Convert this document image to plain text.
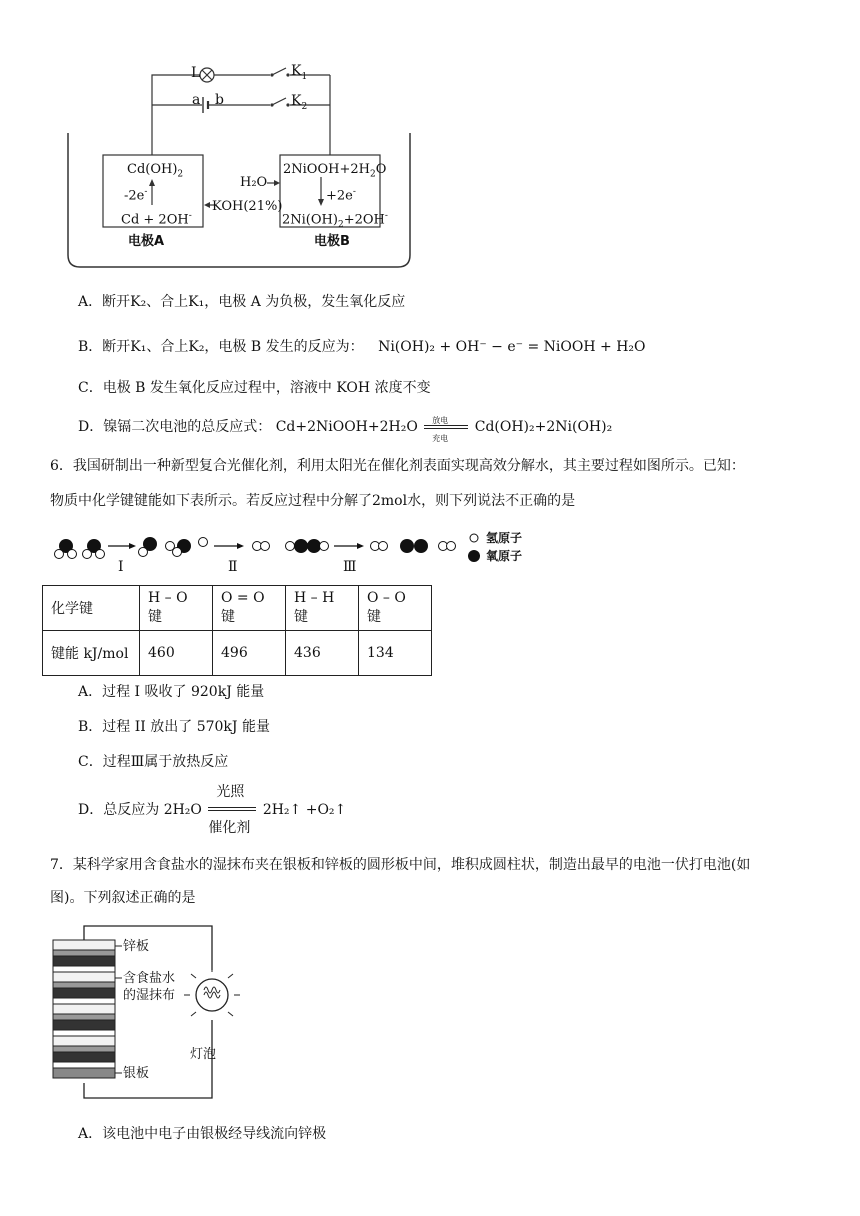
L	$K_1$
a b	$K_2$
$Cd(OH)_2$
-2e-
Cd + 2OH-
H₂O
KOH(21%)
$2NiOOH+2H_2O$
+2e-
$2Ni(OH)_2+2OH^-$
电极A	电极B
A．断开K₂、合上K₁，电极 A 为负极，发生氧化反应
B．断开K₁、合上K₂，电极 B 发生的反应为： Ni(OH)₂ + OH⁻ − e⁻ = NiOOH + H₂O
C．电极 B 发生氧化反应过程中，溶液中 KOH 浓度不变
D．镍镉二次电池的总反应式： Cd+2NiOOH+2H₂O 放电
充电
Cd(OH)₂+2Ni(OH)₂
6．我国研制出一种新型复合光催化剂，利用太阳光在催化剂表面实现高效分解水，其主要过程如图所示。已知：
物质中化学键键能如下表所示。若反应过程中分解了2mol水，则下列说法不正确的是
Ⅰ	Ⅱ	Ⅲ
氢原子
氧原子
化学键	H – O 键	O = O 键	H – H 键	O – O 键
键能 kJ/mol	460	496	436	134
A．过程 I 吸收了 920kJ 能量
B．过程 II 放出了 570kJ 能量
C．过程Ⅲ属于放热反应
D．总反应为 2H₂O
光照
催化剂
2H₂↑ +O₂↑
7．某科学家用含食盐水的湿抹布夹在银板和锌板的圆形板中间，堆积成圆柱状，制造出最早的电池一伏打电池(如
图)。下列叙述正确的是
锌板
含食盐水
的湿抹布
灯泡
银板
A．该电池中电子由银极经导线流向锌极
